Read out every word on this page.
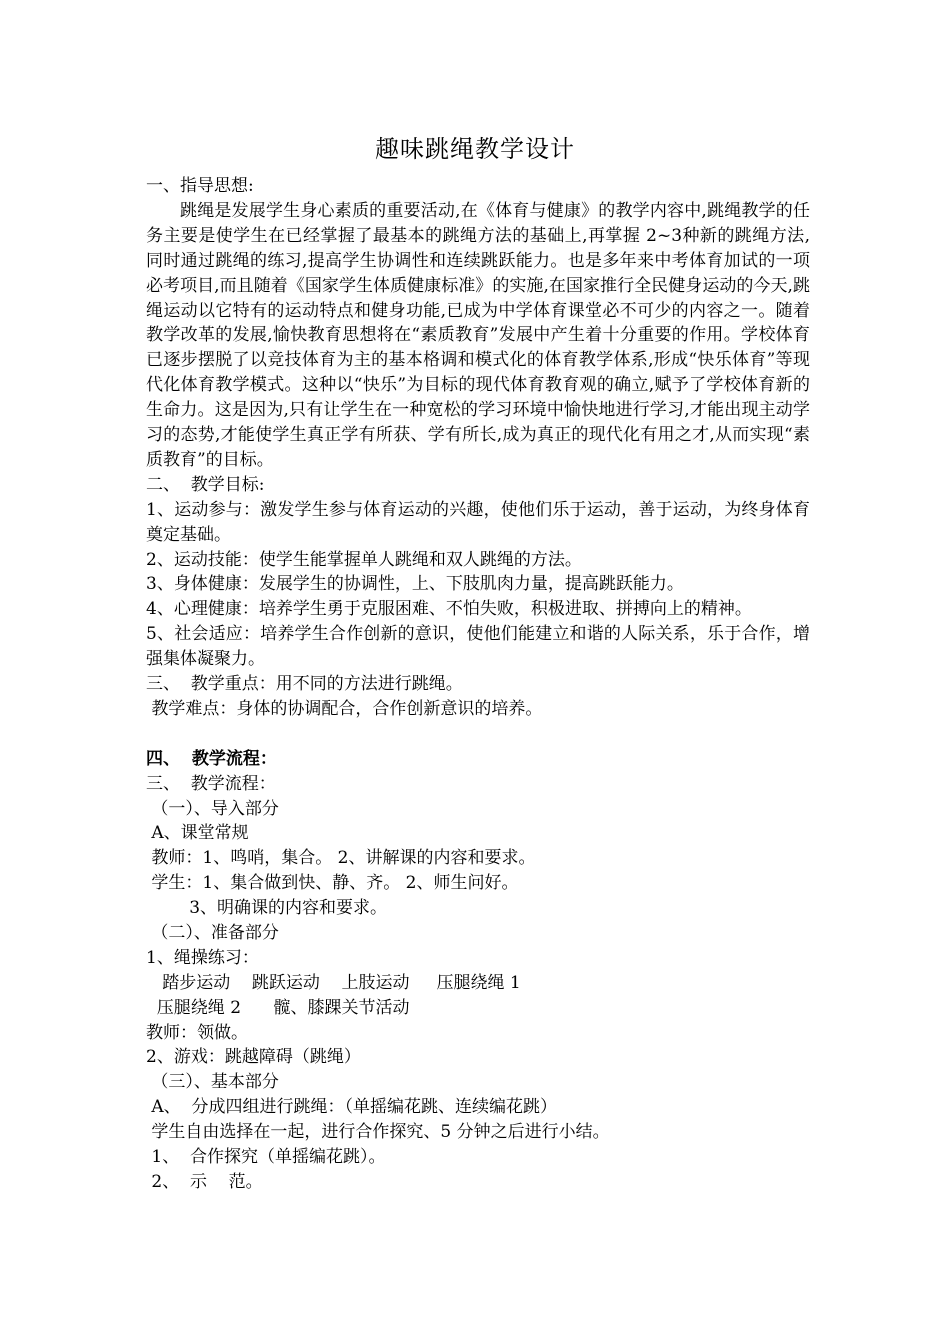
趣味跳绳教学设计
一、指导思想:

跳绳是发展学生身心素质的重要活动,在《体育与健康》的教学内容中,跳绳教学的任务主要是使学生在已经掌握了最基本的跳绳方法的基础上,再掌握 2~3种新的跳绳方法,同时通过跳绳的练习,提高学生协调性和连续跳跃能力。也是多年来中考体育加试的一项必考项目,而且随着《国家学生体质健康标准》的实施,在国家推行全民健身运动的今天,跳绳运动以它特有的运动特点和健身功能,已成为中学体育课堂必不可少的内容之一。随着教学改革的发展,愉快教育思想将在“素质教育”发展中产生着十分重要的作用。学校体育已逐步摆脱了以竞技体育为主的基本格调和模式化的体育教学体系,形成“快乐体育”等现代化体育教学模式。这种以“快乐”为目标的现代体育教育观的确立,赋予了学校体育新的生命力。这是因为,只有让学生在一种宽松的学习环境中愉快地进行学习,才能出现主动学习的态势,才能使学生真正学有所获、学有所长,成为真正的现代化有用之才,从而实现“素质教育”的目标。

二、  教学目标:

1、运动参与：激发学生参与体育运动的兴趣，使他们乐于运动，善于运动，为终身体育奠定基础。

2、运动技能：使学生能掌握单人跳绳和双人跳绳的方法。

3、身体健康：发展学生的协调性，上、下肢肌肉力量，提高跳跃能力。

4、心理健康：培养学生勇于克服困难、不怕失败，积极进取、拼搏向上的精神。

5、社会适应：培养学生合作创新的意识，使他们能建立和谐的人际关系，乐于合作，增强集体凝聚力。

三、  教学重点：用不同的方法进行跳绳。
教学难点：身体的协调配合，合作创新意识的培养。
四、  教学流程：
三、  教学流程：
（一）、导入部分
A、课堂常规
教师：1、鸣哨，集合。 2、讲解课的内容和要求。
学生：1、集合做到快、静、齐。 2、师生问好。
3、明确课的内容和要求。
（二）、准备部分
1、绳操练习：
踏步运动    跳跃运动    上肢运动     压腿绕绳 1
压腿绕绳 2      髋、膝踝关节活动
教师：领做。
2、游戏：跳越障碍（跳绳）
（三）、基本部分
A、  分成四组进行跳绳：（单摇编花跳、连续编花跳）
学生自由选择在一起，进行合作探究、5 分钟之后进行小结。
1、  合作探究（单摇编花跳）。
2、  示    范。
